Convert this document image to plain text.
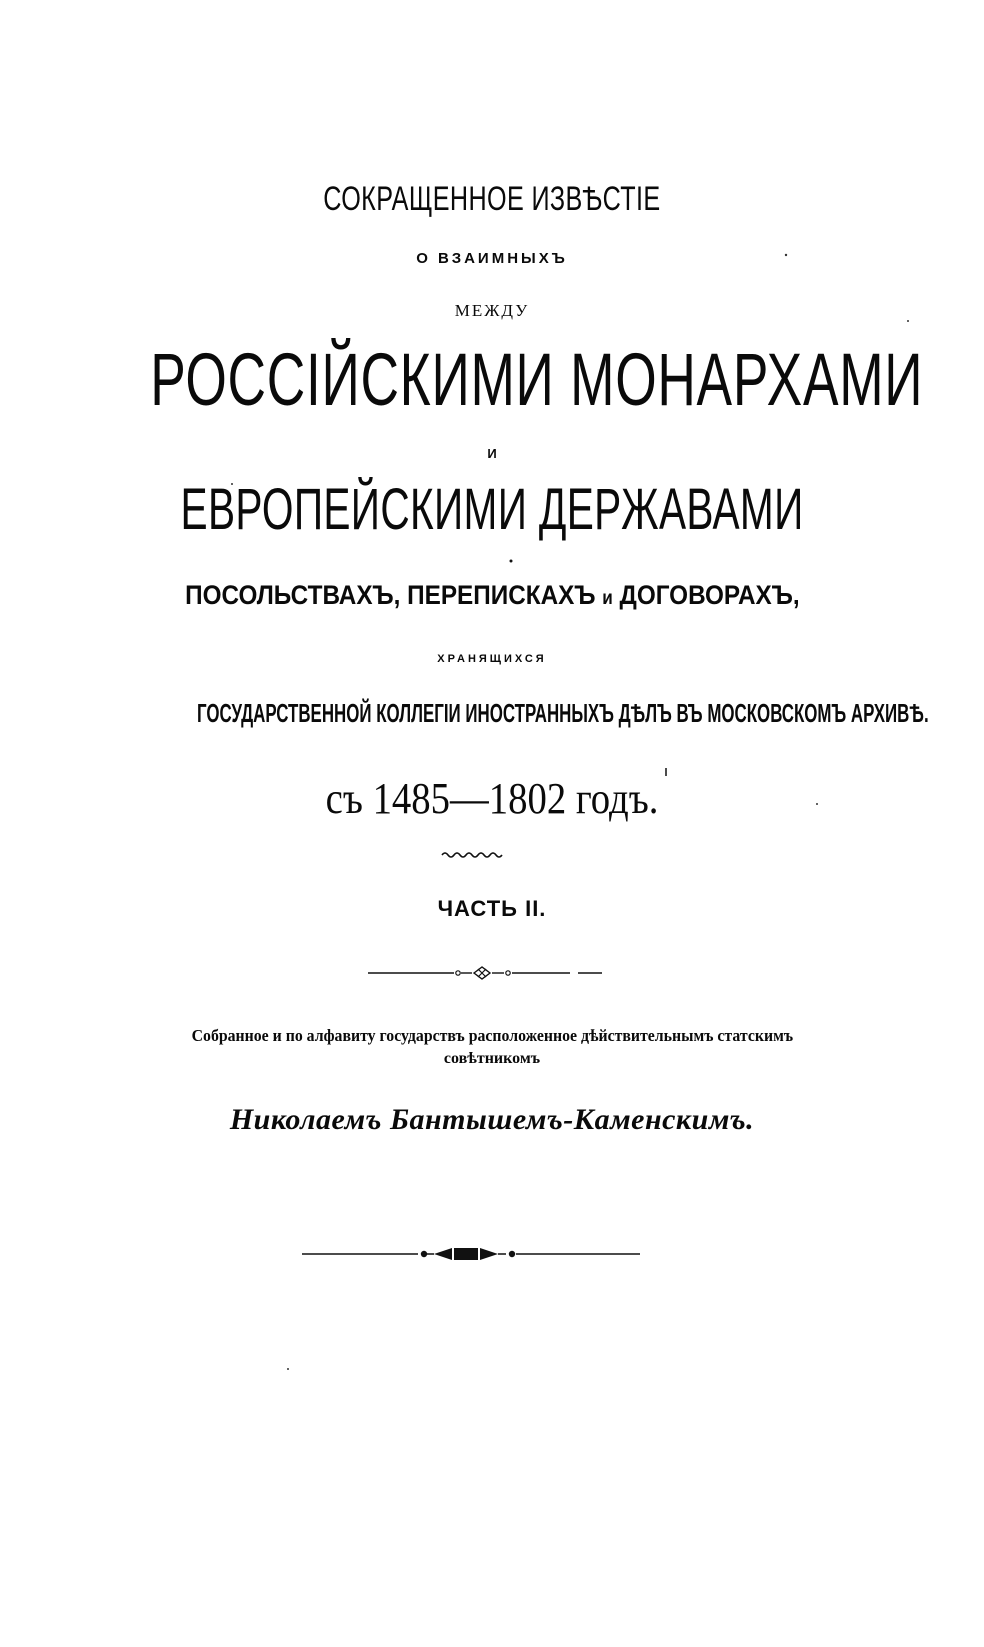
СОКРАЩЕННОЕ ИЗВѢСТІЕ
О ВЗАИМНЫХЪ
МЕЖДУ
РОССІЙСКИМИ МОНАРХАМИ
И
ЕВРОПЕЙСКИМИ ДЕРЖАВАМИ
ПОСОЛЬСТВАХЪ, ПЕРЕПИСКАХЪ и ДОГОВОРАХЪ,
ХРАНЯЩИХСЯ
ГОСУДАРСТВЕННОЙ КОЛЛЕГІИ ИНОСТРАННЫХЪ ДѢЛЪ ВЪ МОСКОВСКОМЪ АРХИВѢ.
съ 1485—1802 годъ.
ЧАСТЬ II.
Собранное и по алфавиту государствъ расположенное дѣйствительнымъ статскимъ
совѣтникомъ
Николаемъ Бантышемъ-Каменскимъ.
